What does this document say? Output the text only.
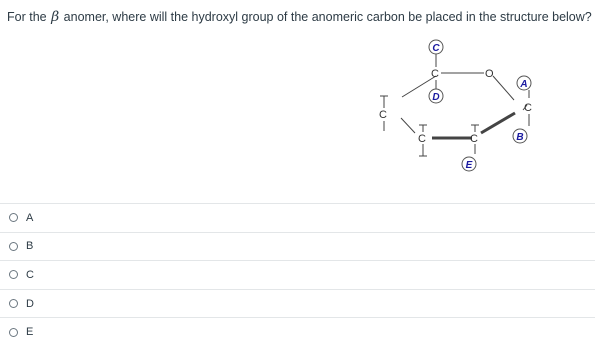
For the β anomer, where will the hydroxyl group of the anomeric carbon be placed in the structure below?
C	O
C
C
C
C
C
D
A
B
E
A
B
C
D
E
